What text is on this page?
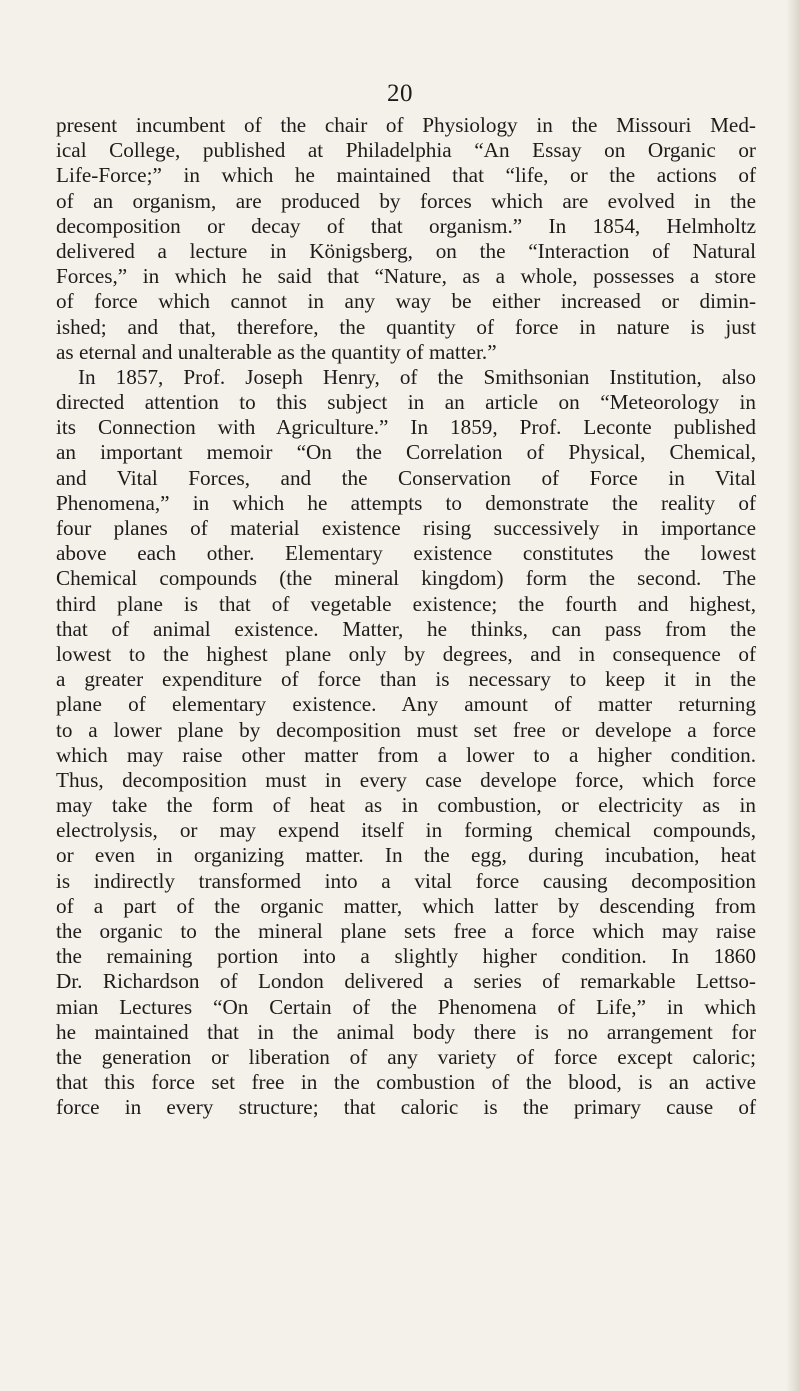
20
present incumbent of the chair of Physiology in the Missouri Med-
ical College, published at Philadelphia “An Essay on Organic or
Life-Force;” in which he maintained that “life, or the actions of
of an organism, are produced by forces which are evolved in the
decomposition or decay of that organism.” In 1854, Helmholtz
delivered a lecture in Königsberg, on the “Interaction of Natural
Forces,” in which he said that “Nature, as a whole, possesses a store
of force which cannot in any way be either increased or dimin-
ished; and that, therefore, the quantity of force in nature is just
as eternal and unalterable as the quantity of matter.”
In 1857, Prof. Joseph Henry, of the Smithsonian Institution, also
directed attention to this subject in an article on “Meteorology in
its Connection with Agriculture.” In 1859, Prof. Leconte published
an important memoir “On the Correlation of Physical, Chemical,
and Vital Forces, and the Conservation of Force in Vital
Phenomena,” in which he attempts to demonstrate the reality of
four planes of material existence rising successively in importance
above each other. Elementary existence constitutes the lowest
Chemical compounds (the mineral kingdom) form the second. The
third plane is that of vegetable existence; the fourth and highest,
that of animal existence. Matter, he thinks, can pass from the
lowest to the highest plane only by degrees, and in consequence of
a greater expenditure of force than is necessary to keep it in the
plane of elementary existence. Any amount of matter returning
to a lower plane by decomposition must set free or develope a force
which may raise other matter from a lower to a higher condition.
Thus, decomposition must in every case develope force, which force
may take the form of heat as in combustion, or electricity as in
electrolysis, or may expend itself in forming chemical compounds,
or even in organizing matter. In the egg, during incubation, heat
is indirectly transformed into a vital force causing decomposition
of a part of the organic matter, which latter by descending from
the organic to the mineral plane sets free a force which may raise
the remaining portion into a slightly higher condition. In 1860
Dr. Richardson of London delivered a series of remarkable Lettso-
mian Lectures “On Certain of the Phenomena of Life,” in which
he maintained that in the animal body there is no arrangement for
the generation or liberation of any variety of force except caloric;
that this force set free in the combustion of the blood, is an active
force in every structure; that caloric is the primary cause of
